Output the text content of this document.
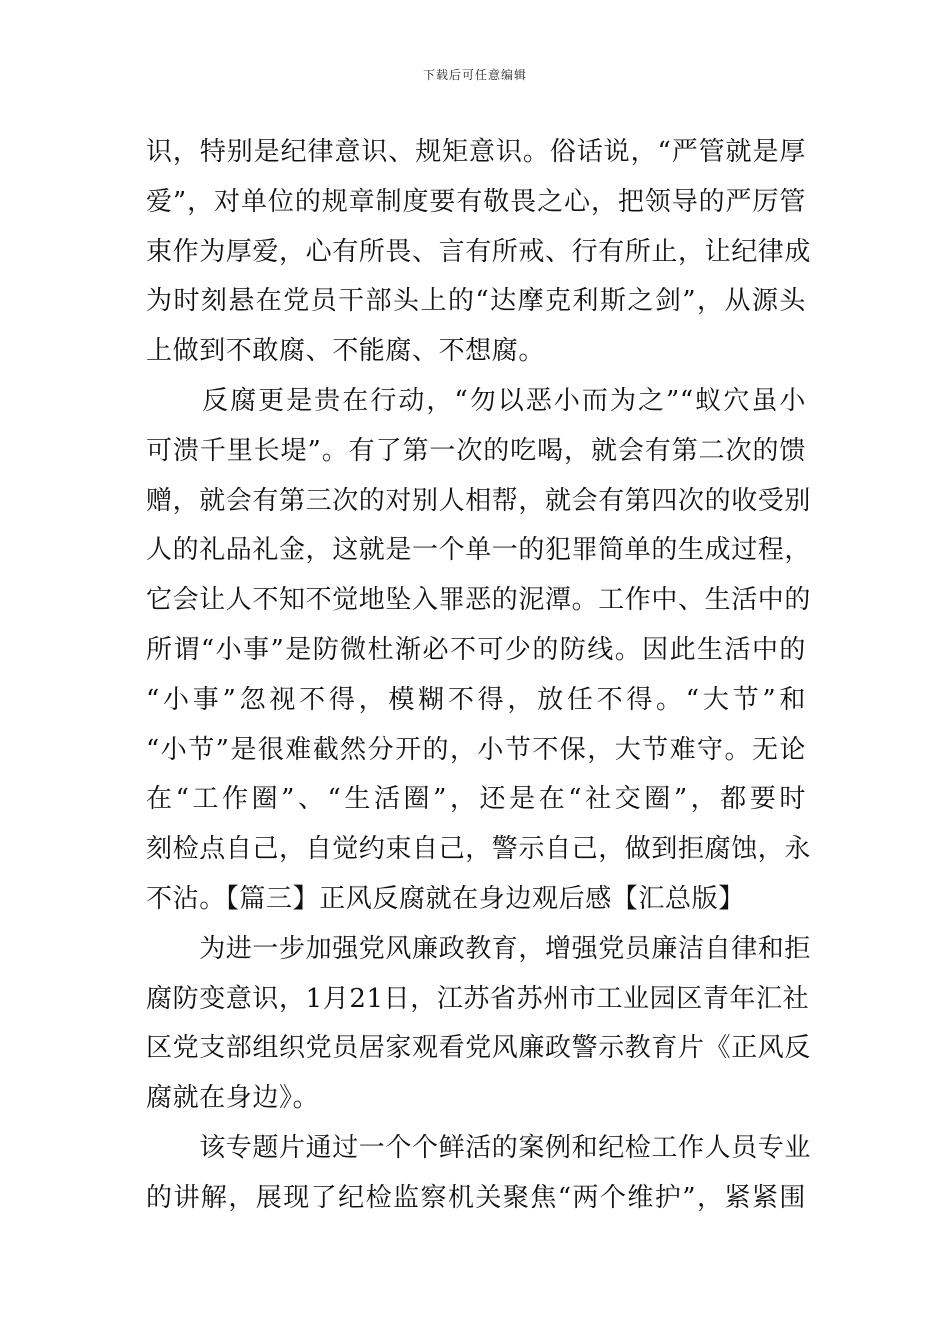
下载后可任意编辑

识，特别是纪律意识、规矩意识。俗话说，“严管就是厚
爱”，对单位的规章制度要有敬畏之心，把领导的严厉管
束作为厚爱，心有所畏、言有所戒、行有所止，让纪律成
为时刻悬在党员干部头上的“达摩克利斯之剑”，从源头
上做到不敢腐、不能腐、不想腐。

　　反腐更是贵在行动，“勿以恶小而为之”“蚁穴虽小
可溃千里长堤”。有了第一次的吃喝，就会有第二次的馈
赠，就会有第三次的对别人相帮，就会有第四次的收受别
人的礼品礼金，这就是一个单一的犯罪简单的生成过程，
它会让人不知不觉地坠入罪恶的泥潭。工作中、生活中的
所谓“小事”是防微杜渐必不可少的防线。因此生活中的
“小事”忽视不得，模糊不得，放任不得。“大节”和
“小节”是很难截然分开的，小节不保，大节难守。无论
在“工作圈”、“生活圈”，还是在“社交圈”，都要时
刻检点自己，自觉约束自己，警示自己，做到拒腐蚀，永
不沾。【篇三】正风反腐就在身边观后感【汇总版】

　　为进一步加强党风廉政教育，增强党员廉洁自律和拒
腐防变意识，1月21日，江苏省苏州市工业园区青年汇社
区党支部组织党员居家观看党风廉政警示教育片《正风反
腐就在身边》。

　　该专题片通过一个个鲜活的案例和纪检工作人员专业
的讲解，展现了纪检监察机关聚焦“两个维护”，紧紧围
